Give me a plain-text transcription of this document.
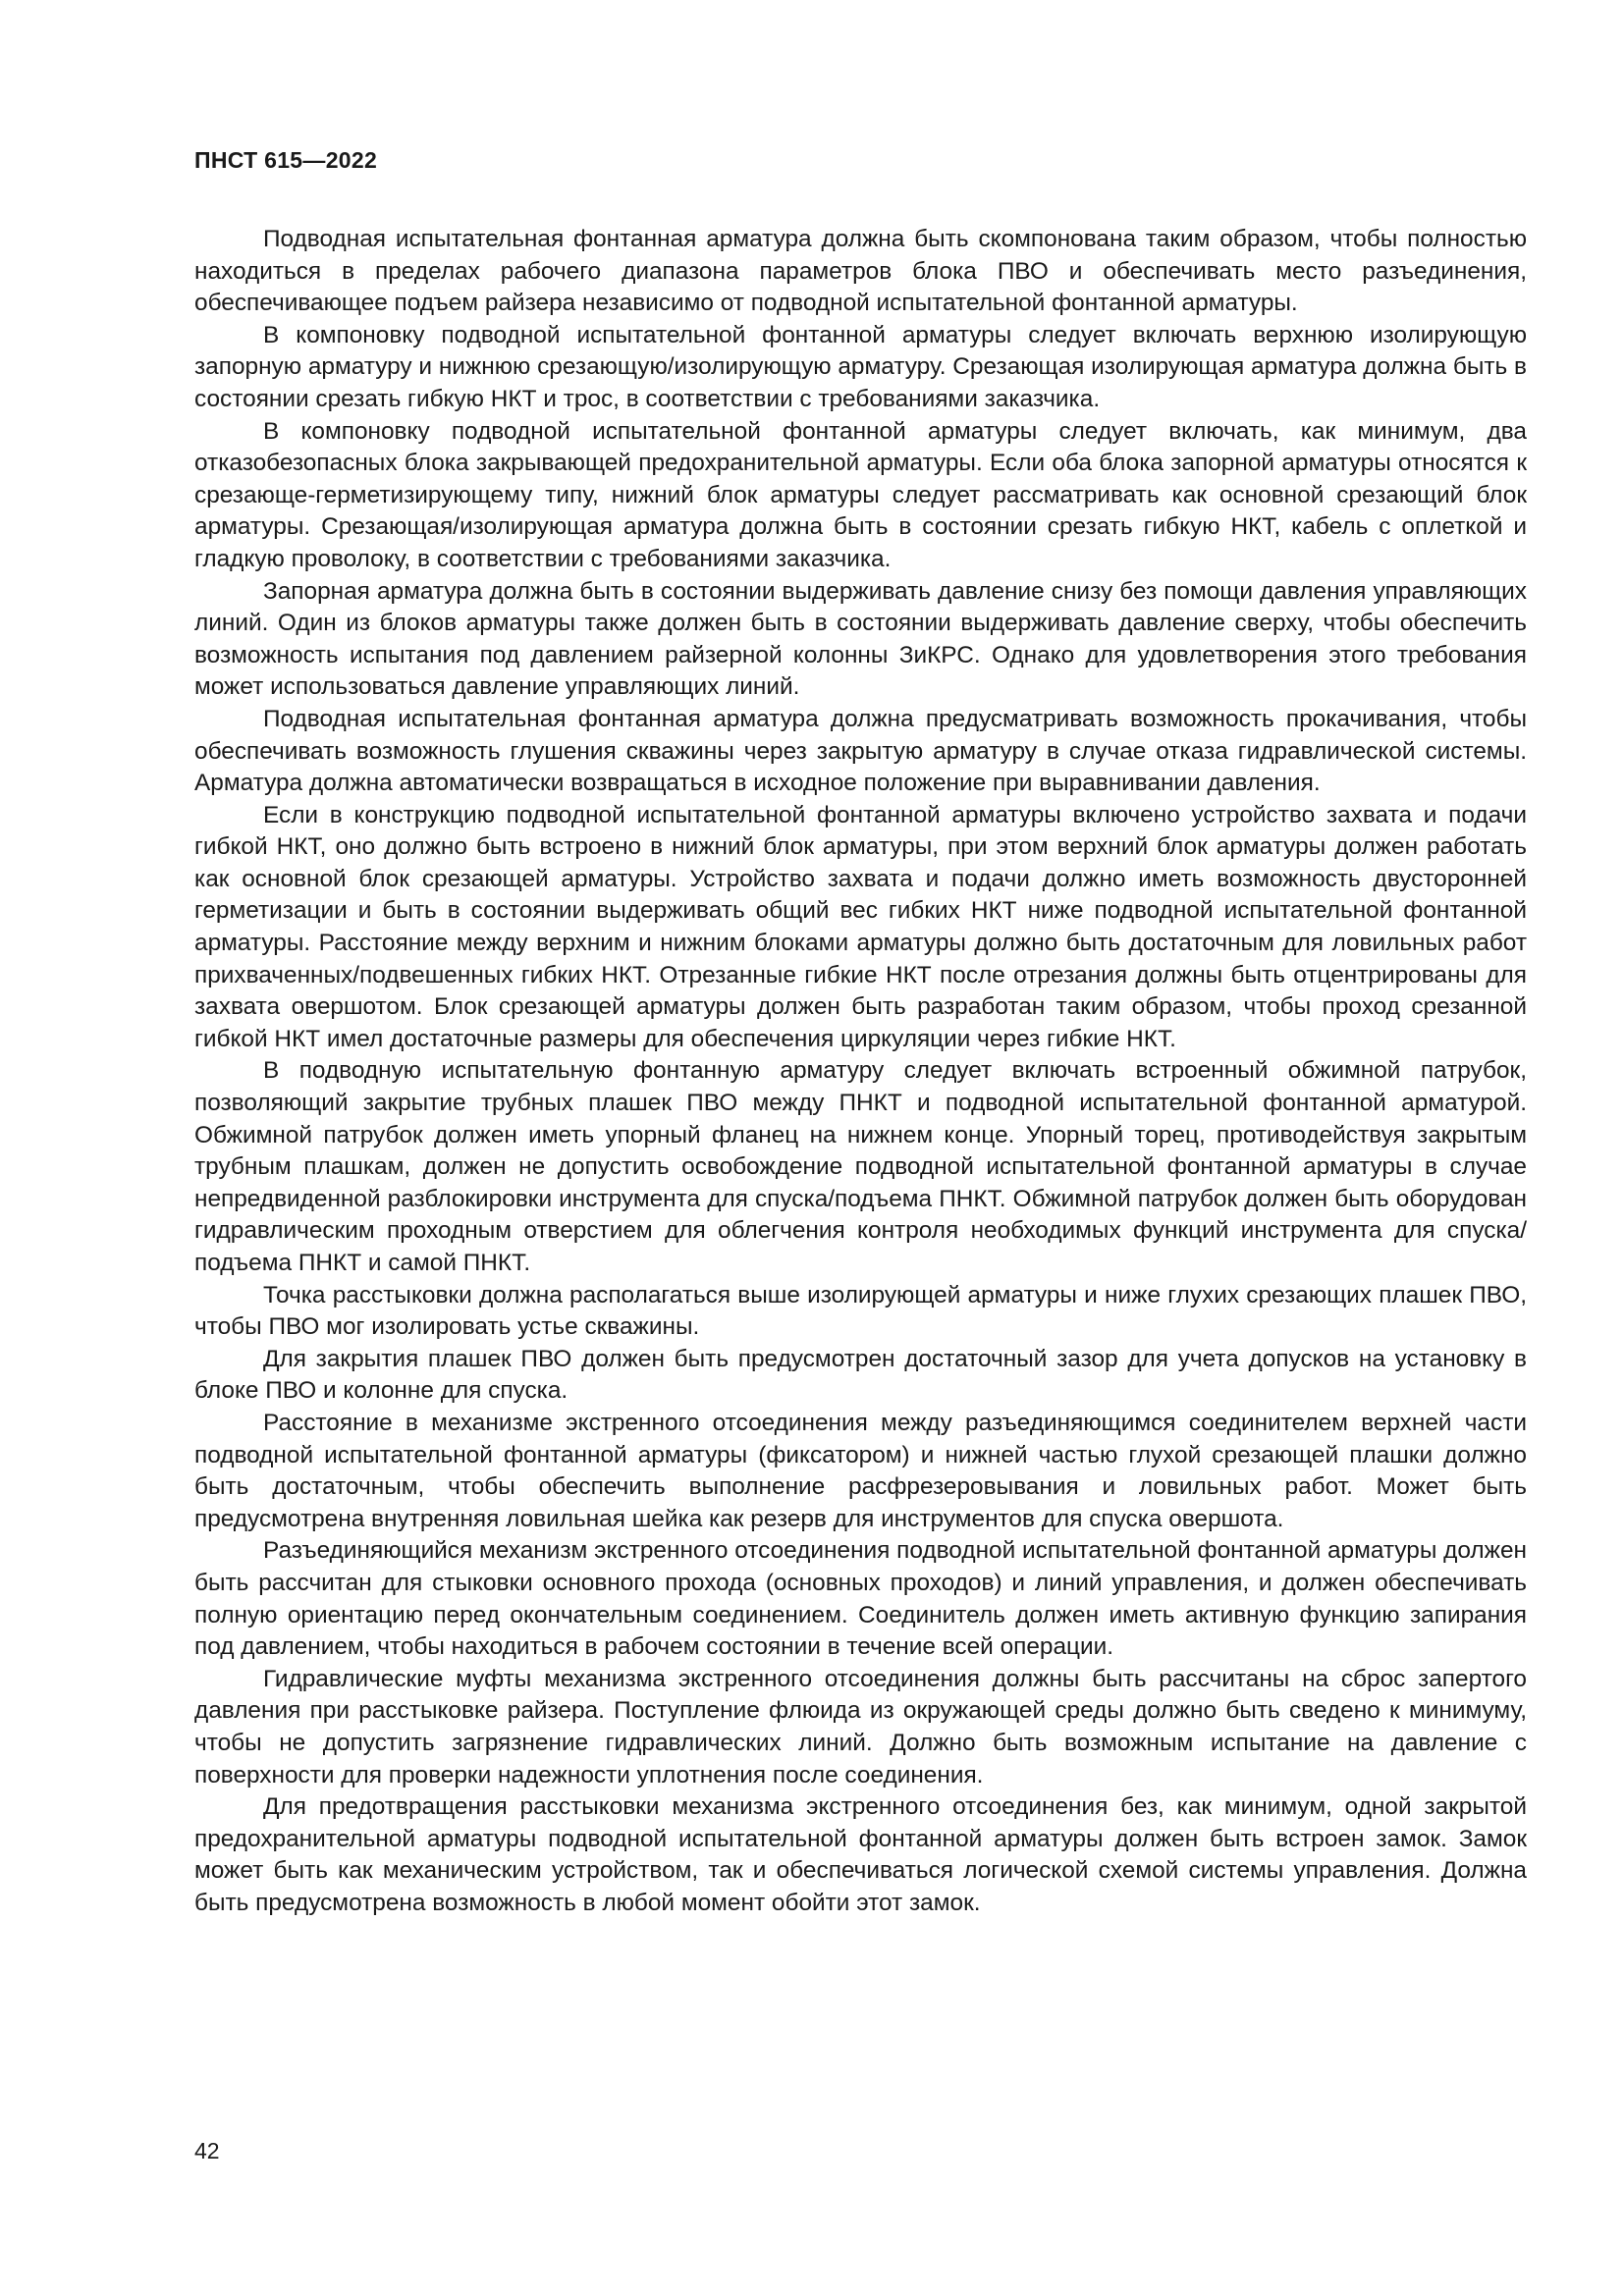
ПНСТ 615—2022

Подводная испытательная фонтанная арматура должна быть скомпонована таким образом, чтобы полностью находиться в пределах рабочего диапазона параметров блока ПВО и обеспечивать место разъединения, обеспечивающее подъем райзера независимо от подводной испытательной фонтанной арматуры.

В компоновку подводной испытательной фонтанной арматуры следует включать верхнюю изолирующую запорную арматуру и нижнюю срезающую/изолирующую арматуру. Срезающая изолирующая арматура должна быть в состоянии срезать гибкую НКТ и трос, в соответствии с требованиями заказчика.

В компоновку подводной испытательной фонтанной арматуры следует включать, как минимум, два отказобезопасных блока закрывающей предохранительной арматуры. Если оба блока запорной арматуры относятся к срезающе-герметизирующему типу, нижний блок арматуры следует рассматривать как основной срезающий блок арматуры. Срезающая/изолирующая арматура должна быть в состоянии срезать гибкую НКТ, кабель с оплеткой и гладкую проволоку, в соответствии с требованиями заказчика.

Запорная арматура должна быть в состоянии выдерживать давление снизу без помощи давления управляющих линий. Один из блоков арматуры также должен быть в состоянии выдерживать давление сверху, чтобы обеспечить возможность испытания под давлением райзерной колонны ЗиКРС. Однако для удовлетворения этого требования может использоваться давление управляющих линий.

Подводная испытательная фонтанная арматура должна предусматривать возможность прокачивания, чтобы обеспечивать возможность глушения скважины через закрытую арматуру в случае отказа гидравлической системы. Арматура должна автоматически возвращаться в исходное положение при выравнивании давления.

Если в конструкцию подводной испытательной фонтанной арматуры включено устройство захвата и подачи гибкой НКТ, оно должно быть встроено в нижний блок арматуры, при этом верхний блок арматуры должен работать как основной блок срезающей арматуры. Устройство захвата и подачи должно иметь возможность двусторонней герметизации и быть в состоянии выдерживать общий вес гибких НКТ ниже подводной испытательной фонтанной арматуры. Расстояние между верхним и нижним блоками арматуры должно быть достаточным для ловильных работ прихваченных/подвешенных гибких НКТ. Отрезанные гибкие НКТ после отрезания должны быть отцентрированы для захвата овершотом. Блок срезающей арматуры должен быть разработан таким образом, чтобы проход срезанной гибкой НКТ имел достаточные размеры для обеспечения циркуляции через гибкие НКТ.

В подводную испытательную фонтанную арматуру следует включать встроенный обжимной патрубок, позволяющий закрытие трубных плашек ПВО между ПНКТ и подводной испытательной фонтанной арматурой. Обжимной патрубок должен иметь упорный фланец на нижнем конце. Упорный торец, противодействуя закрытым трубным плашкам, должен не допустить освобождение подводной испытательной фонтанной арматуры в случае непредвиденной разблокировки инструмента для спуска/подъема ПНКТ. Обжимной патрубок должен быть оборудован гидравлическим проходным отверстием для облегчения контроля необходимых функций инструмента для спуска/подъема ПНКТ и самой ПНКТ.

Точка расстыковки должна располагаться выше изолирующей арматуры и ниже глухих срезающих плашек ПВО, чтобы ПВО мог изолировать устье скважины.

Для закрытия плашек ПВО должен быть предусмотрен достаточный зазор для учета допусков на установку в блоке ПВО и колонне для спуска.

Расстояние в механизме экстренного отсоединения между разъединяющимся соединителем верхней части подводной испытательной фонтанной арматуры (фиксатором) и нижней частью глухой срезающей плашки должно быть достаточным, чтобы обеспечить выполнение расфрезеровывания и ловильных работ. Может быть предусмотрена внутренняя ловильная шейка как резерв для инструментов для спуска овершота.

Разъединяющийся механизм экстренного отсоединения подводной испытательной фонтанной арматуры должен быть рассчитан для стыковки основного прохода (основных проходов) и линий управления, и должен обеспечивать полную ориентацию перед окончательным соединением. Соединитель должен иметь активную функцию запирания под давлением, чтобы находиться в рабочем состоянии в течение всей операции.

Гидравлические муфты механизма экстренного отсоединения должны быть рассчитаны на сброс запертого давления при расстыковке райзера. Поступление флюида из окружающей среды должно быть сведено к минимуму, чтобы не допустить загрязнение гидравлических линий. Должно быть возможным испытание на давление с поверхности для проверки надежности уплотнения после соединения.

Для предотвращения расстыковки механизма экстренного отсоединения без, как минимум, одной закрытой предохранительной арматуры подводной испытательной фонтанной арматуры должен быть встроен замок. Замок может быть как механическим устройством, так и обеспечиваться логической схемой системы управления. Должна быть предусмотрена возможность в любой момент обойти этот замок.

42
